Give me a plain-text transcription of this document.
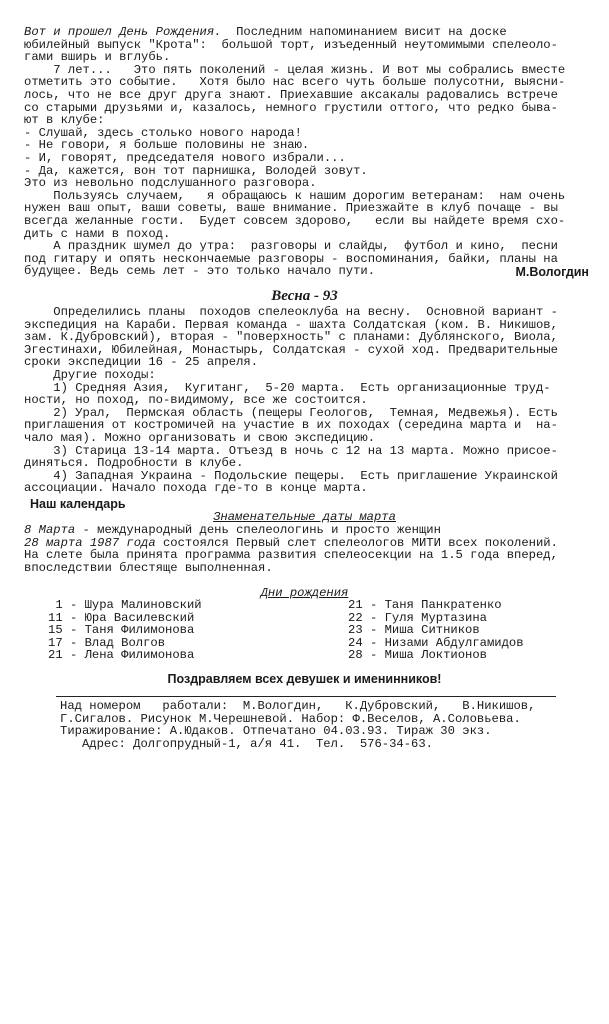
Вот и прошел День Рождения.  Последним напоминанием висит на доске
юбилейный выпуск "Крота":  большой торт, изъеденный неутомимыми спелеоло-
гами вширь и вглубь.
7 лет...   Это пять поколений - целая жизнь. И вот мы собрались вместе
отметить это событие.   Хотя было нас всего чуть больше полусотни, выясни-
лось, что не все друг друга знают. Приехавшие аксакалы радовались встрече
со старыми друзьями и, казалось, немного грустили оттого, что редко быва-
ют в клубе:
- Слушай, здесь столько нового народа!
- Не говори, я больше половины не знаю.
- И, говорят, председателя нового избрали...
- Да, кажется, вон тот парнишка, Володей зовут.
Это из невольно подслушанного разговора.
Пользуясь случаем,   я обращаюсь к нашим дорогим ветеранам:  нам очень
нужен ваш опыт, ваши советы, ваше внимание. Приезжайте в клуб почаще - вы
всегда желанные гости.  Будет совсем здорово,   если вы найдете время схо-
дить с нами в поход.
А праздник шумел до утра:  разговоры и слайды,  футбол и кино,  песни
под гитару и опять нескончаемые разговоры - воспоминания, байки, планы на
будущее. Ведь семь лет - это только начало пути.	М.Вологдин
Весна - 93
Определились планы  походов спелеоклуба на весну.  Основной вариант -
экспедиция на Караби. Первая команда - шахта Солдатская (ком. В. Никишов,
зам. К.Дубровский), вторая - "поверхность" с планами: Дублянского, Виола,
Эгестинахи, Юбилейная, Монастырь, Солдатская - сухой ход. Предварительные
сроки экспедиции 16 - 25 апреля.
Другие походы:
1) Средняя Азия,  Кугитанг,  5-20 марта.  Есть организационные труд-
ности, но поход, по-видимому, все же состоится.
2) Урал,  Пермская область (пещеры Геологов,  Темная, Медвежья). Есть
приглашения от костромичей на участие в их походах (середина марта и  на-
чало мая). Можно организовать и свою экспедицию.
3) Старица 13-14 марта. Отъезд в ночь с 12 на 13 марта. Можно присое-
диняться. Подробности в клубе.
4) Западная Украина - Подольские пещеры.  Есть приглашение Украинской
ассоциации. Начало похода где-то в конце марта.
Наш календарь
Знаменательные даты марта
8 Марта - международный день спелеологинь и просто женщин
28 марта 1987 года состоялся Первый слет спелеологов МИТИ всех поколений.
На слете была принята программа развития спелеосекции на 1.5 года вперед,
впоследствии блестяще выполненная.
Дни рождения
1 - Шура Малиновский
11 - Юра Василевский
15 - Таня Филимонова
17 - Влад Волгов
21 - Лена Филимонова
21 - Таня Панкратенко
22 - Гуля Муртазина
23 - Миша Ситников
24 - Низами Абдулгамидов
28 - Миша Локтионов
Поздравляем всех девушек и именинников!
Над номером   работали:  М.Вологдин,   К.Дубровский,   В.Никишов,
Г.Сигалов. Рисунок М.Черешневой. Набор: Ф.Веселов, А.Соловьева.
Тиражирование: А.Юдаков. Отпечатано 04.03.93. Тираж 30 экз.
Адрес: Долгопрудный-1, а/я 41.  Тел.  576-34-63.
